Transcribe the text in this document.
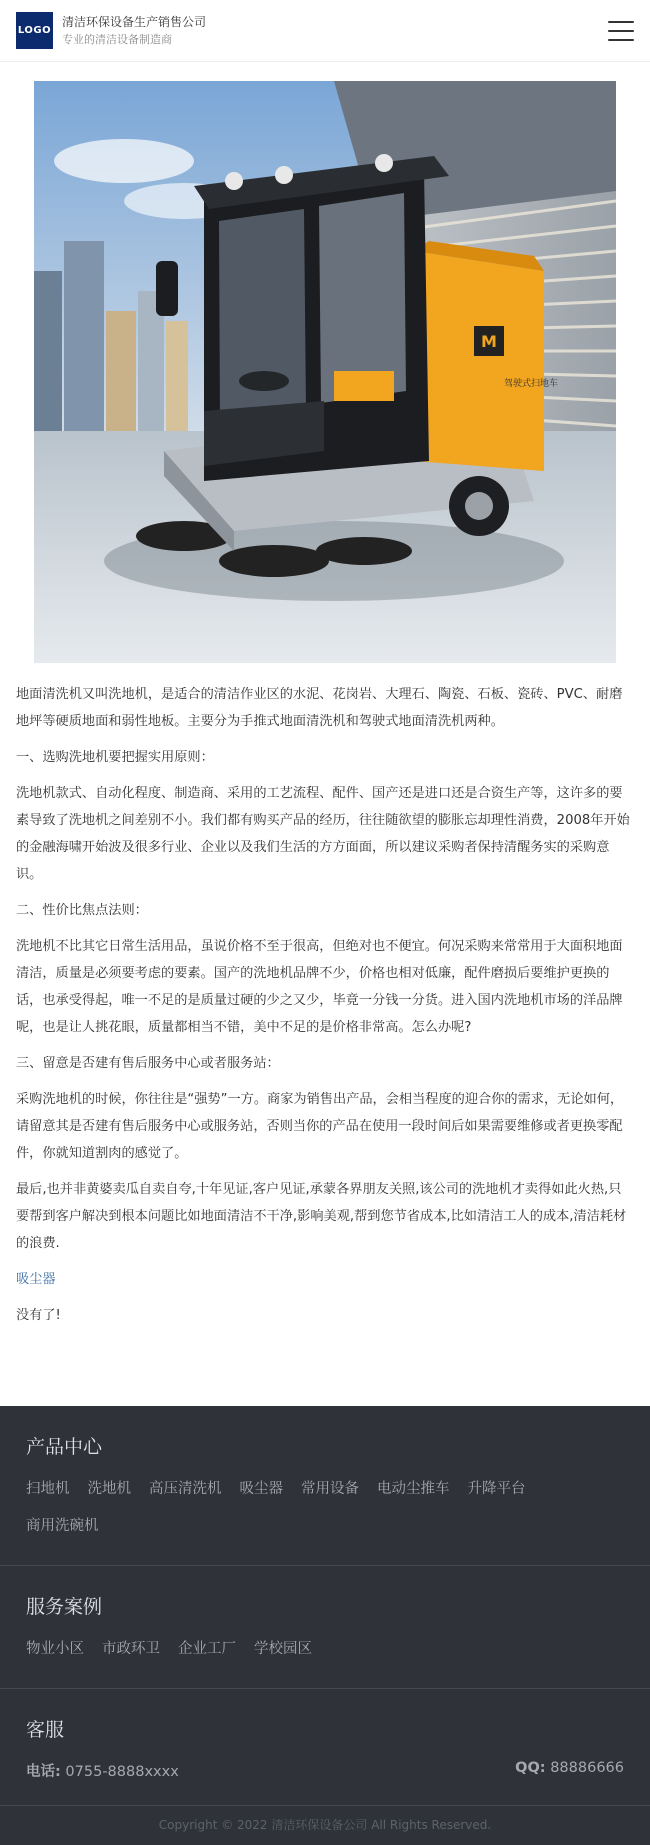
LOGO
清洁环保设备生产销售公司
专业的清洁设备制造商
M
驾驶式扫地车

地面清洗机又叫洗地机，是适合的清洁作业区的水泥、花岗岩、大理石、陶瓷、石板、瓷砖、PVC、耐磨地坪等硬质地面和弱性地板。主要分为手推式地面清洗机和驾驶式地面清洗机两种。

一、选购洗地机要把握实用原则：

洗地机款式、自动化程度、制造商、采用的工艺流程、配件、国产还是进口还是合资生产等，这许多的要素导致了洗地机之间差别不小。我们都有购买产品的经历，往往随欲望的膨胀忘却理性消费，2008年开始的金融海啸开始波及很多行业、企业以及我们生活的方方面面，所以建议采购者保持清醒务实的采购意识。

二、性价比焦点法则：

洗地机不比其它日常生活用品，虽说价格不至于很高，但绝对也不便宜。何况采购来常常用于大面积地面清洁，质量是必须要考虑的要素。国产的洗地机品牌不少，价格也相对低廉，配件磨损后要维护更换的话，也承受得起，唯一不足的是质量过硬的少之又少，毕竟一分钱一分货。进入国内洗地机市场的洋品牌呢，也是让人挑花眼，质量都相当不错，美中不足的是价格非常高。怎么办呢?

三、留意是否建有售后服务中心或者服务站：

采购洗地机的时候，你往往是“强势”一方。商家为销售出产品，会相当程度的迎合你的需求，无论如何，请留意其是否建有售后服务中心或服务站，否则当你的产品在使用一段时间后如果需要维修或者更换零配件，你就知道割肉的感觉了。

最后,也并非黄婆卖瓜自卖自夸,十年见证,客户见证,承蒙各界朋友关照,该公司的洗地机才卖得如此火热,只要帮到客户解决到根本问题比如地面清洁不干净,影响美观,帮到您节省成本,比如清洁工人的成本,清洁耗材的浪费.

吸尘器

没有了!

产品中心
扫地机 洗地机 高压清洗机 吸尘器 常用设备 电动尘推车 升降平台
商用洗碗机
服务案例
物业小区 市政环卫 企业工厂 学校园区
客服
电话: 0755-8888xxxx	QQ: 88886666
Copyright © 2022 清洁环保设备公司 All Rights Reserved.
